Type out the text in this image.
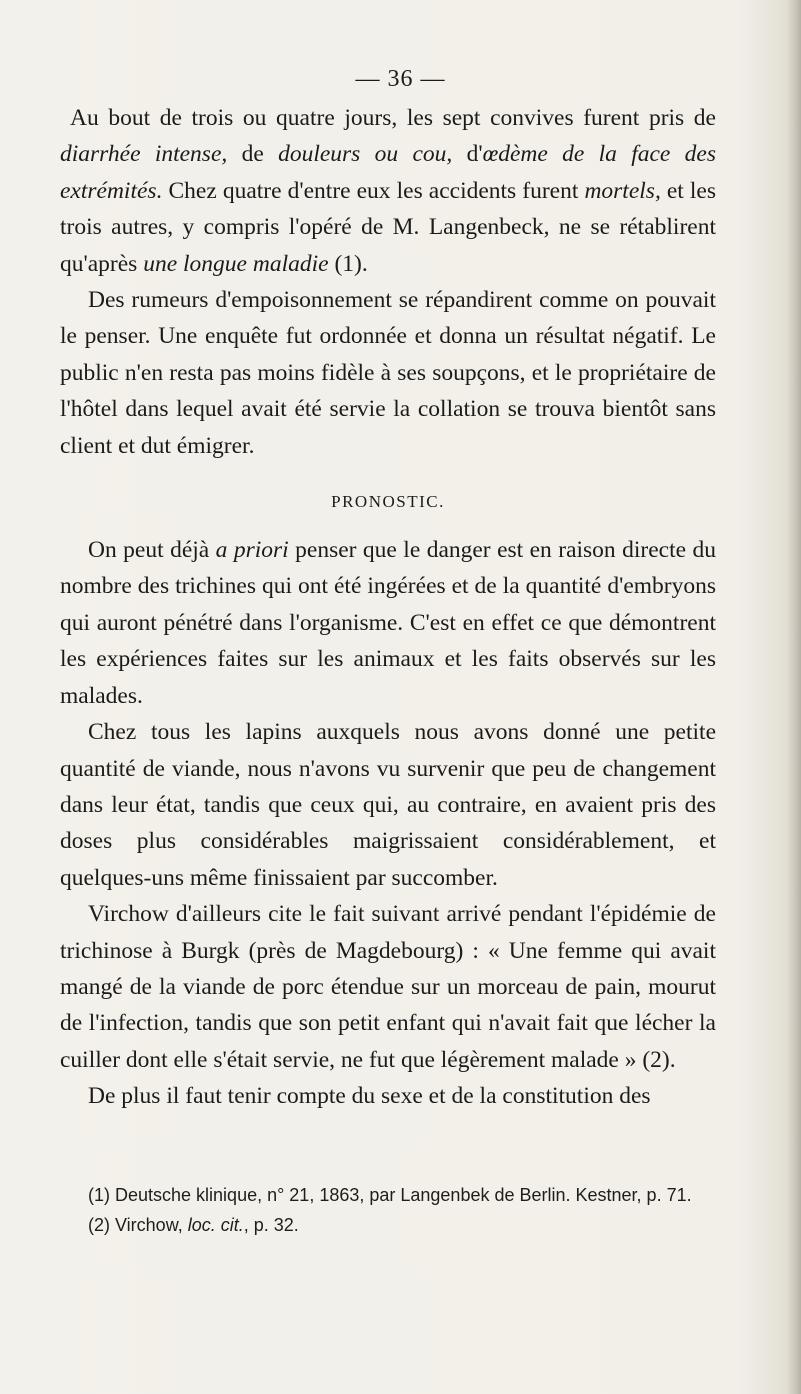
— 36 —

Au bout de trois ou quatre jours, les sept convives furent pris de diarrhée intense, de douleurs ou cou, d'œdème de la face des extrémités. Chez quatre d'entre eux les accidents furent mortels, et les trois autres, y compris l'opéré de M. Langenbeck, ne se rétablirent qu'après une longue maladie (1).

Des rumeurs d'empoisonnement se répandirent comme on pouvait le penser. Une enquête fut ordonnée et donna un résultat négatif. Le public n'en resta pas moins fidèle à ses soupçons, et le propriétaire de l'hôtel dans lequel avait été servie la collation se trouva bientôt sans client et dut émigrer.

PRONOSTIC.

On peut déjà a priori penser que le danger est en raison directe du nombre des trichines qui ont été ingérées et de la quantité d'embryons qui auront pénétré dans l'organisme. C'est en effet ce que démontrent les expériences faites sur les animaux et les faits observés sur les malades.

Chez tous les lapins auxquels nous avons donné une petite quantité de viande, nous n'avons vu survenir que peu de changement dans leur état, tandis que ceux qui, au contraire, en avaient pris des doses plus considérables maigrissaient considérablement, et quelques-uns même finissaient par succomber.

Virchow d'ailleurs cite le fait suivant arrivé pendant l'épidémie de trichinose à Burgk (près de Magdebourg) : « Une femme qui avait mangé de la viande de porc étendue sur un morceau de pain, mourut de l'infection, tandis que son petit enfant qui n'avait fait que lécher la cuiller dont elle s'était servie, ne fut que légèrement malade » (2).

De plus il faut tenir compte du sexe et de la constitution des

(1) Deutsche klinique, n° 21, 1863, par Langenbek de Berlin. Kestner, p. 71.

(2) Virchow, loc. cit., p. 32.
